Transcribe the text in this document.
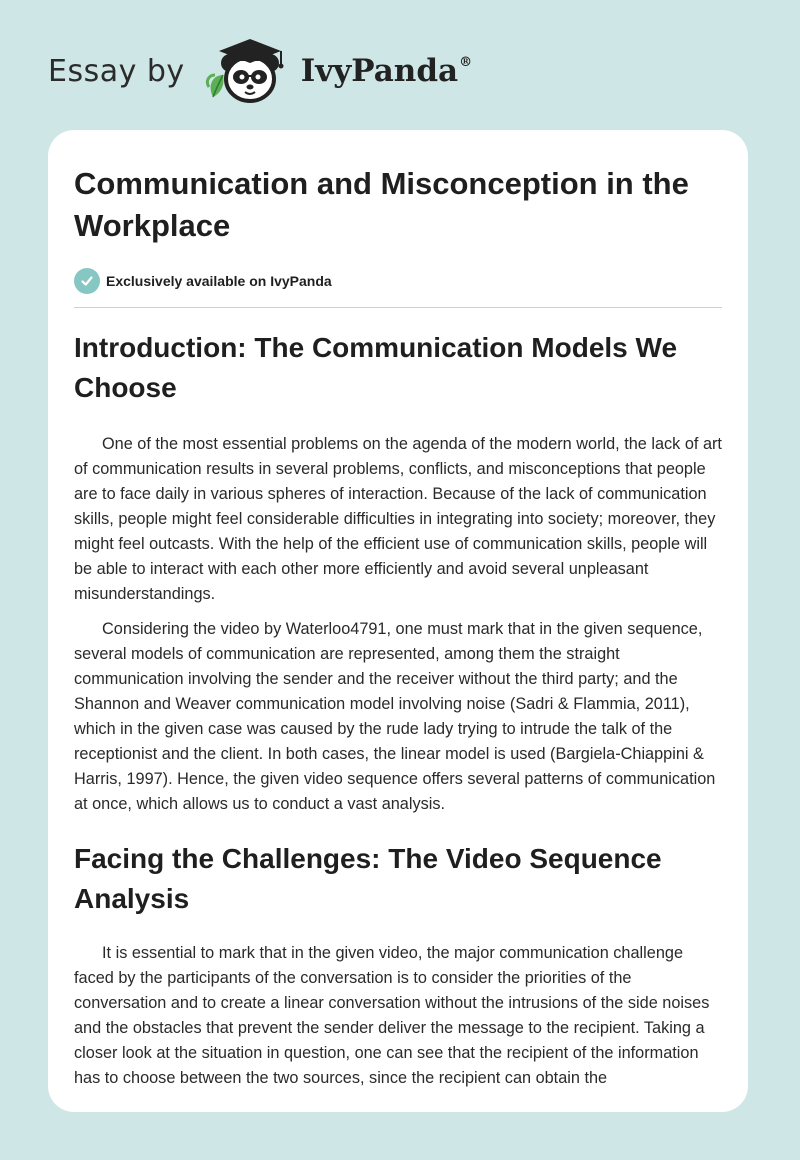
Essay by	IvyPanda®
Communication and Misconception in the Workplace
Exclusively available on IvyPanda
Introduction: The Communication Models We Choose

One of the most essential problems on the agenda of the modern world, the lack of art of communication results in several problems, conflicts, and misconceptions that people are to face daily in various spheres of interaction. Because of the lack of communication skills, people might feel considerable difficulties in integrating into society; moreover, they might feel outcasts. With the help of the efficient use of communication skills, people will be able to interact with each other more efficiently and avoid several unpleasant misunderstandings.

Considering the video by Waterloo4791, one must mark that in the given sequence, several models of communication are represented, among them the straight communication involving the sender and the receiver without the third party; and the Shannon and Weaver communication model involving noise (Sadri & Flammia, 2011), which in the given case was caused by the rude lady trying to intrude the talk of the receptionist and the client. In both cases, the linear model is used (Bargiela-Chiappini & Harris, 1997). Hence, the given video sequence offers several patterns of communication at once, which allows us to conduct a vast analysis.

Facing the Challenges: The Video Sequence Analysis

It is essential to mark that in the given video, the major communication challenge faced by the participants of the conversation is to consider the priorities of the conversation and to create a linear conversation without the intrusions of the side noises and the obstacles that prevent the sender deliver the message to the recipient. Taking a closer look at the situation in question, one can see that the recipient of the information has to choose between the two sources, since the recipient can obtain the
